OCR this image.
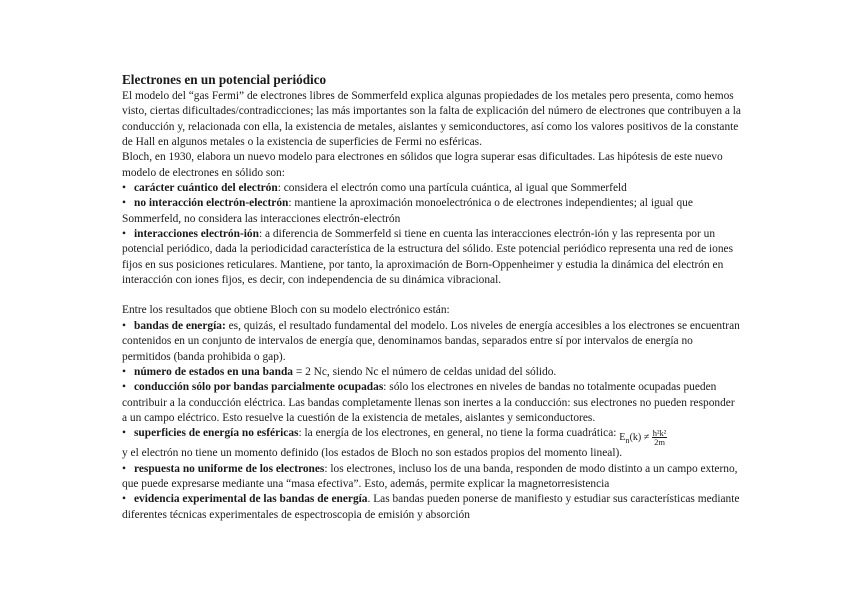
Electrones en un potencial periódico

El modelo del “gas Fermi” de electrones libres de Sommerfeld explica algunas propiedades de los metales pero presenta, como hemos visto, ciertas dificultades/contradicciones; las más importantes son la falta de explicación del número de electrones que contribuyen a la conducción y, relacionada con ella, la existencia de metales, aislantes y semiconductores, así como los valores positivos de la constante de Hall en algunos metales o la existencia de superficies de Fermi no esféricas.

Bloch, en 1930, elabora un nuevo modelo para electrones en sólidos que logra superar esas dificultades. Las hipótesis de este nuevo modelo de electrones en sólido son:

• carácter cuántico del electrón: considera el electrón como una partícula cuántica, al igual que Sommerfeld

• no interacción electrón-electrón: mantiene la aproximación monoelectrónica o de electrones independientes; al igual que Sommerfeld, no considera las interacciones electrón-electrón

• interacciones electrón-ión: a diferencia de Sommerfeld si tiene en cuenta las interacciones electrón-ión y las representa por un potencial periódico, dada la periodicidad característica de la estructura del sólido. Este potencial periódico representa una red de iones fijos en sus posiciones reticulares. Mantiene, por tanto, la aproximación de Born-Oppenheimer y estudia la dinámica del electrón en interacción con iones fijos, es decir, con independencia de su dinámica vibracional.

Entre los resultados que obtiene Bloch con su modelo electrónico están:

• bandas de energía: es, quizás, el resultado fundamental del modelo. Los niveles de energía accesibles a los electrones se encuentran contenidos en un conjunto de intervalos de energía que, denominamos bandas, separados entre sí por intervalos de energía no permitidos (banda prohibida o gap).

• número de estados en una banda = 2 Nc, siendo Nc el número de celdas unidad del sólido.

• conducción sólo por bandas parcialmente ocupadas: sólo los electrones en niveles de bandas no totalmente ocupadas pueden contribuir a la conducción eléctrica. Las bandas completamente llenas son inertes a la conducción: sus electrones no pueden responder a un campo eléctrico. Esto resuelve la cuestión de la existencia de metales, aislantes y semiconductores.

• superficies de energía no esféricas: la energía de los electrones, en general, no tiene la forma cuadrática: $E_n(k) \ne \frac{\text{ħ²k²}}{2m}$

y el electrón no tiene un momento definido (los estados de Bloch no son estados propios del momento lineal).

• respuesta no uniforme de los electrones: los electrones, incluso los de una banda, responden de modo distinto a un campo externo, que puede expresarse mediante una “masa efectiva”. Esto, además, permite explicar la magnetorresistencia

• evidencia experimental de las bandas de energía. Las bandas pueden ponerse de manifiesto y estudiar sus características mediante diferentes técnicas experimentales de espectroscopia de emisión y absorción
